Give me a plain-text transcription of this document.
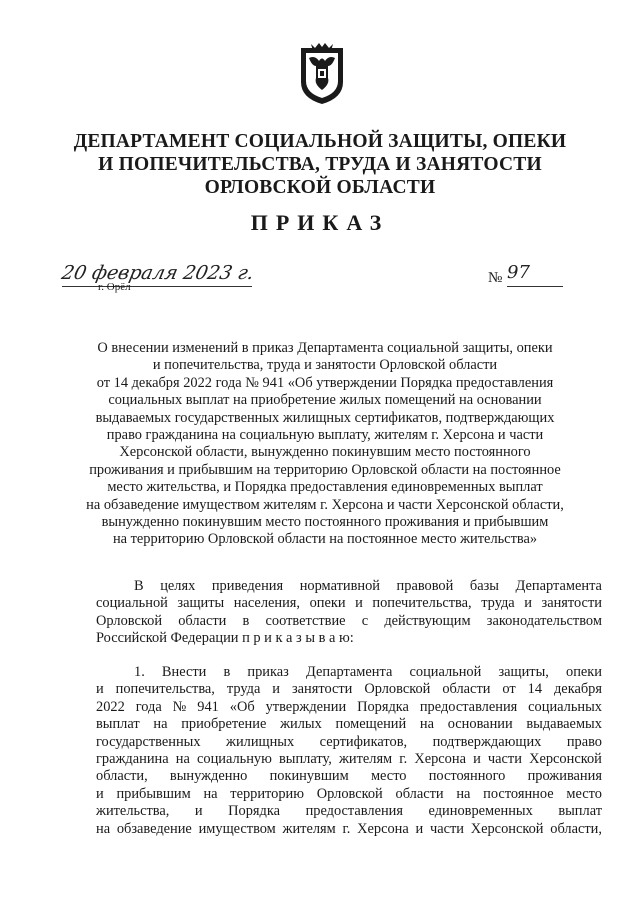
ДЕПАРТАМЕНТ СОЦИАЛЬНОЙ ЗАЩИТЫ, ОПЕКИ
И ПОПЕЧИТЕЛЬСТВА, ТРУДА И ЗАНЯТОСТИ
ОРЛОВСКОЙ ОБЛАСТИ
ПРИКАЗ
20 февраля 2023 г.
г. Орёл
№ 97
О внесении изменений в приказ Департамента социальной защиты, опеки
и попечительства, труда и занятости Орловской области
от 14 декабря 2022 года № 941 «Об утверждении Порядка предоставления
социальных выплат на приобретение жилых помещений на основании
выдаваемых государственных жилищных сертификатов, подтверждающих
право гражданина на социальную выплату, жителям г. Херсона и части
Херсонской области, вынужденно покинувшим место постоянного
проживания и прибывшим на территорию Орловской области на постоянное
место жительства, и Порядка предоставления единовременных выплат
на обзаведение имуществом жителям г. Херсона и части Херсонской области,
вынужденно покинувшим место постоянного проживания и прибывшим
на территорию Орловской области на постоянное место жительства»
В целях приведения нормативной правовой базы Департамента
социальной защиты населения, опеки и попечительства, труда и занятости
Орловской области в соответствие с действующим законодательством
Российской Федерации п р и к а з ы в а ю:
1. Внести в приказ Департамента социальной защиты, опеки
и попечительства, труда и занятости Орловской области от 14 декабря
2022 года № 941 «Об утверждении Порядка предоставления социальных
выплат на приобретение жилых помещений на основании выдаваемых
государственных жилищных сертификатов, подтверждающих право
гражданина на социальную выплату, жителям г. Херсона и части Херсонской
области, вынужденно покинувшим место постоянного проживания
и прибывшим на территорию Орловской области на постоянное место
жительства, и Порядка предоставления единовременных выплат
на обзаведение имуществом жителям г. Херсона и части Херсонской области,
